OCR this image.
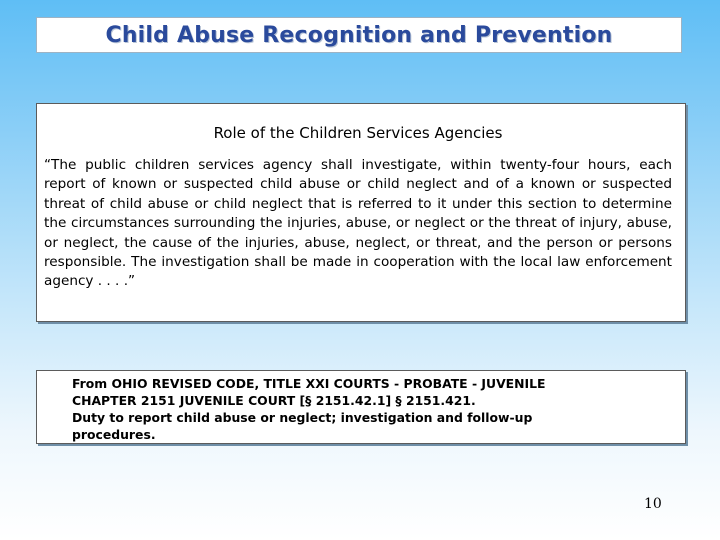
Child Abuse Recognition and Prevention

Role of the Children Services Agencies

“The public children services agency shall investigate, within twenty-four hours, each report of known or suspected child abuse or child neglect and of a known or suspected threat of child abuse or child neglect that is referred to it under this section to determine the circumstances surrounding the injuries, abuse, or neglect or the threat of injury, abuse, or neglect, the cause of the injuries, abuse, neglect, or threat, and the person or persons responsible. The investigation shall be made in cooperation with the local law enforcement agency . . . .”

From OHIO REVISED CODE, TITLE XXI COURTS - PROBATE - JUVENILE
CHAPTER 2151 JUVENILE COURT [§ 2151.42.1] § 2151.421.
Duty to report child abuse or neglect; investigation and follow-up
procedures.
10
